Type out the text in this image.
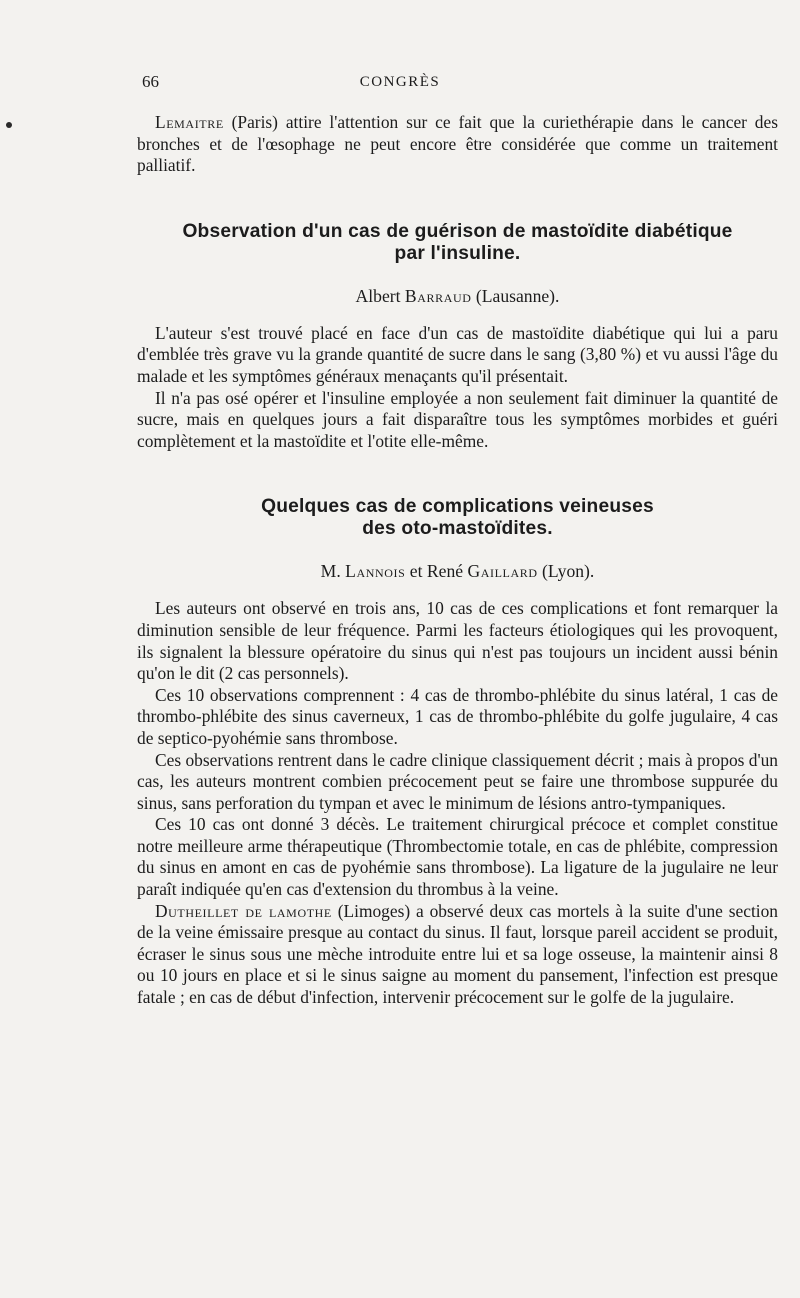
66	CONGRÈS

Lemaitre (Paris) attire l'attention sur ce fait que la curiethérapie dans le cancer des bronches et de l'œsophage ne peut encore être considérée que comme un traitement palliatif.

Observation d'un cas de guérison de mastoïdite diabétique
par l'insuline.
Albert Barraud (Lausanne).

L'auteur s'est trouvé placé en face d'un cas de mastoïdite diabétique qui lui a paru d'emblée très grave vu la grande quantité de sucre dans le sang (3,80 %) et vu aussi l'âge du malade et les symptômes généraux menaçants qu'il présentait.

Il n'a pas osé opérer et l'insuline employée a non seulement fait diminuer la quantité de sucre, mais en quelques jours a fait disparaître tous les symptômes morbides et guéri complètement et la mastoïdite et l'otite elle-même.

Quelques cas de complications veineuses
des oto-mastoïdites.
M. Lannois et René Gaillard (Lyon).

Les auteurs ont observé en trois ans, 10 cas de ces complications et font remarquer la diminution sensible de leur fréquence. Parmi les facteurs étiologiques qui les provoquent, ils signalent la blessure opératoire du sinus qui n'est pas toujours un incident aussi bénin qu'on le dit (2 cas personnels).

Ces 10 observations comprennent : 4 cas de thrombo-phlébite du sinus latéral, 1 cas de thrombo-phlébite des sinus caverneux, 1 cas de thrombo-phlébite du golfe jugulaire, 4 cas de septico-pyohémie sans thrombose.

Ces observations rentrent dans le cadre clinique classiquement décrit ; mais à propos d'un cas, les auteurs montrent combien précocement peut se faire une thrombose suppurée du sinus, sans perforation du tympan et avec le minimum de lésions antro-tympaniques.

Ces 10 cas ont donné 3 décès. Le traitement chirurgical précoce et complet constitue notre meilleure arme thérapeutique (Thrombectomie totale, en cas de phlébite, compression du sinus en amont en cas de pyohémie sans thrombose). La ligature de la jugulaire ne leur paraît indiquée qu'en cas d'extension du thrombus à la veine.

Dutheillet de lamothe (Limoges) a observé deux cas mortels à la suite d'une section de la veine émissaire presque au contact du sinus. Il faut, lorsque pareil accident se produit, écraser le sinus sous une mèche introduite entre lui et sa loge osseuse, la maintenir ainsi 8 ou 10 jours en place et si le sinus saigne au moment du pansement, l'infection est presque fatale ; en cas de début d'infection, intervenir précocement sur le golfe de la jugulaire.
